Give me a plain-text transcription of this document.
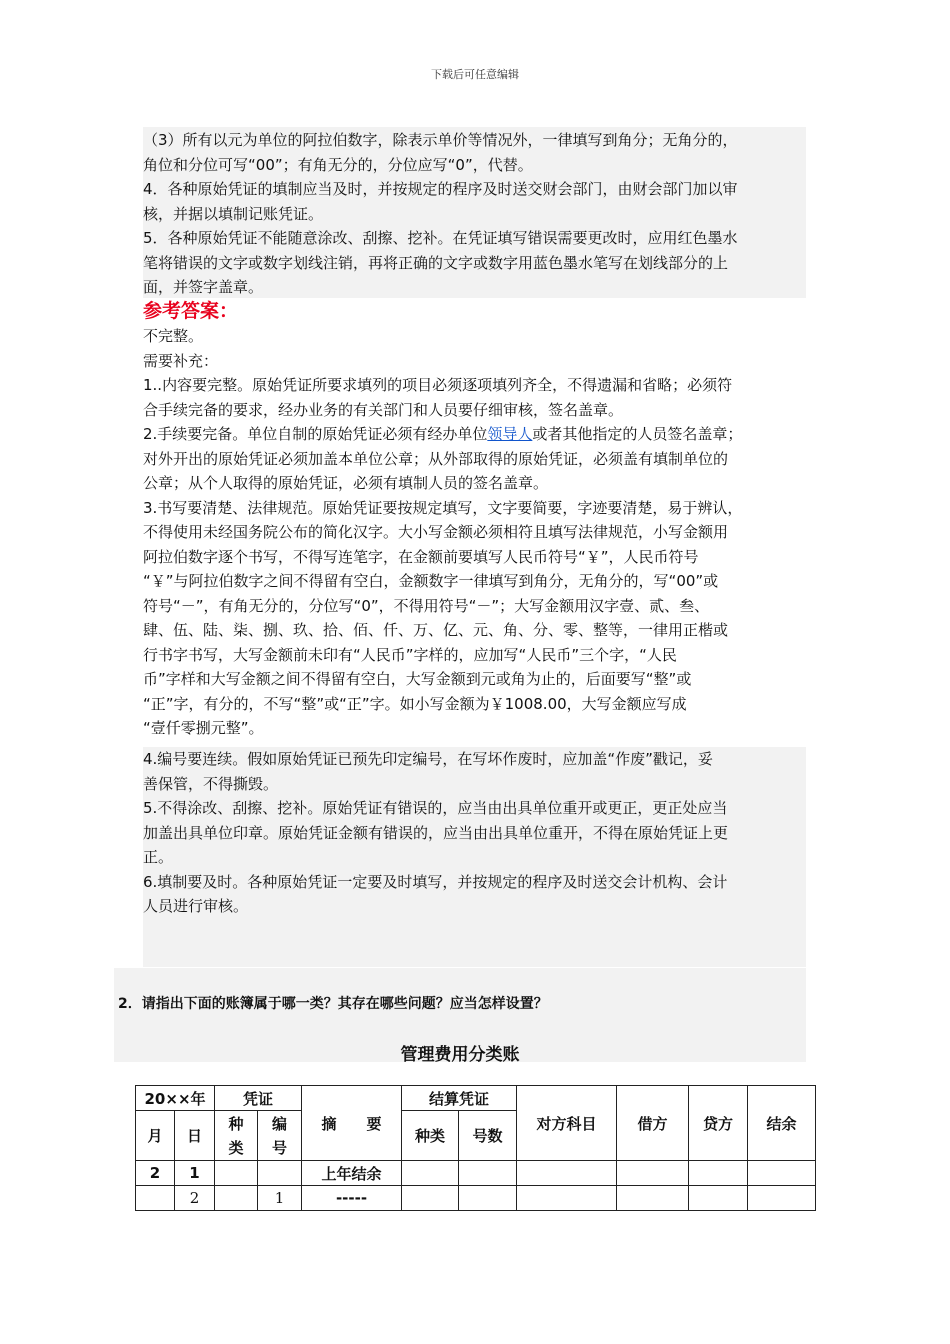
下载后可任意编辑

（3）所有以元为单位的阿拉伯数字，除表示单价等情况外，一律填写到角分；无角分的，

角位和分位可写“00”；有角无分的，分位应写“0”，代替。

4．各种原始凭证的填制应当及时，并按规定的程序及时送交财会部门，由财会部门加以审

核，并据以填制记账凭证。

5．各种原始凭证不能随意涂改、刮擦、挖补。在凭证填写错误需要更改时，应用红色墨水

笔将错误的文字或数字划线注销，再将正确的文字或数字用蓝色墨水笔写在划线部分的上

面，并签字盖章。

参考答案：

不完整。

需要补充：

1..内容要完整。原始凭证所要求填列的项目必须逐项填列齐全，不得遗漏和省略；必须符

合手续完备的要求，经办业务的有关部门和人员要仔细审核，签名盖章。

2.手续要完备。单位自制的原始凭证必须有经办单位领导人或者其他指定的人员签名盖章；

对外开出的原始凭证必须加盖本单位公章；从外部取得的原始凭证，必须盖有填制单位的

公章；从个人取得的原始凭证，必须有填制人员的签名盖章。

3.书写要清楚、法律规范。原始凭证要按规定填写，文字要简要，字迹要清楚，易于辨认，

不得使用未经国务院公布的简化汉字。大小写金额必须相符且填写法律规范，小写金额用

阿拉伯数字逐个书写，不得写连笔字，在金额前要填写人民币符号“￥”，人民币符号

“￥”与阿拉伯数字之间不得留有空白，金额数字一律填写到角分，无角分的，写“00”或

符号“－”，有角无分的，分位写“0”，不得用符号“－”；大写金额用汉字壹、贰、叁、

肆、伍、陆、柒、捌、玖、拾、佰、仟、万、亿、元、角、分、零、整等，一律用正楷或

行书字书写，大写金额前未印有“人民币”字样的，应加写“人民币”三个字，“人民

币”字样和大写金额之间不得留有空白，大写金额到元或角为止的，后面要写“整”或

“正”字，有分的，不写“整”或“正”字。如小写金额为￥1008.00，大写金额应写成

“壹仟零捌元整”。

4.编号要连续。假如原始凭证已预先印定编号，在写坏作废时，应加盖“作废”戳记，妥

善保管，不得撕毁。

5.不得涂改、刮擦、挖补。原始凭证有错误的，应当由出具单位重开或更正，更正处应当

加盖出具单位印章。原始凭证金额有错误的，应当由出具单位重开，不得在原始凭证上更

正。

6.填制要及时。各种原始凭证一定要及时填写，并按规定的程序及时送交会计机构、会计

人员进行审核。

2．请指出下面的账簿属于哪一类？其存在哪些问题？应当怎样设置？
管理费用分类账
20××年		凭证		摘　　要	结算凭证		对方科目	借方	贷方	结余
月	日	种类	编号		种类	号数				
2	1			上年结余						
	2		1	-----						
